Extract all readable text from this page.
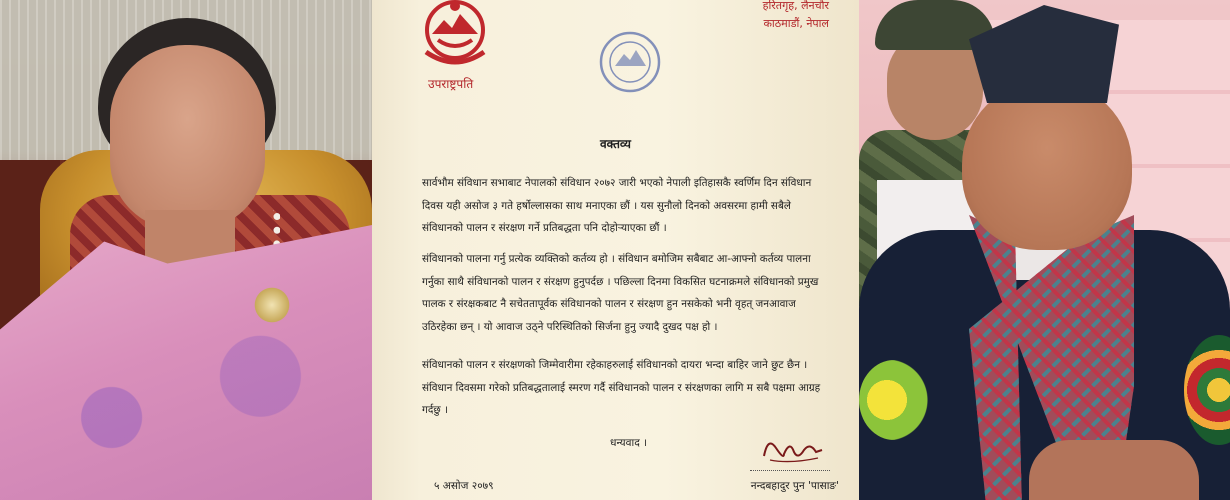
उपराष्ट्रपति
हरितगृह, लैनचौर
काठमाडौं, नेपाल
वक्तव्य
सार्वभौम संविधान सभाबाट नेपालको संविधान २०७२ जारी भएको नेपाली इतिहासकै स्वर्णिम दिन संविधान दिवस यही असोज ३ गते हर्षोल्लासका साथ मनाएका छौं । यस सुनौलो दिनको अवसरमा हामी सबैले संविधानको पालन र संरक्षण गर्ने प्रतिबद्धता पनि दोहोऱ्याएका छौं ।
संविधानको पालना गर्नु प्रत्येक व्यक्तिको कर्तव्य हो । संविधान बमोजिम सबैबाट आ-आफ्नो कर्तव्य पालना गर्नुका साथै संविधानको पालन र संरक्षण हुनुपर्दछ । पछिल्ला दिनमा विकसित घटनाक्रमले संविधानको प्रमुख पालक र संरक्षकबाट नै सचेततापूर्वक संविधानको पालन र संरक्षण हुन नसकेको भनी वृहत् जनआवाज उठिरहेका छन् । यो आवाज उठ्ने परिस्थितिको सिर्जना हुनु ज्यादै दुखद पक्ष हो ।
संविधानको पालन र संरक्षणको जिम्मेवारीमा रहेकाहरुलाई संविधानको दायरा भन्दा बाहिर जाने छुट छैन । संविधान दिवसमा गरेको प्रतिबद्धतालाई स्मरण गर्दै संविधानको पालन र संरक्षणका लागि म सबै पक्षमा आग्रह गर्दछु ।
धन्यवाद ।
५ असोज २०७९	नन्दबहादुर पुन 'पासाङ'
